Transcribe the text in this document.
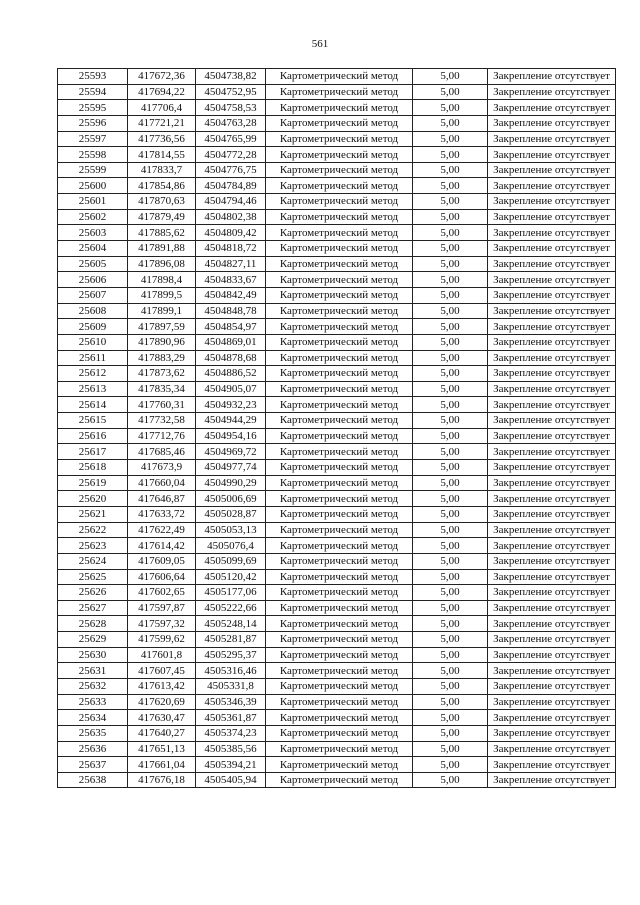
561
25593	417672,36	4504738,82	Картометрический метод	5,00	Закрепление отсутствует
25594	417694,22	4504752,95	Картометрический метод	5,00	Закрепление отсутствует
25595	417706,4	4504758,53	Картометрический метод	5,00	Закрепление отсутствует
25596	417721,21	4504763,28	Картометрический метод	5,00	Закрепление отсутствует
25597	417736,56	4504765,99	Картометрический метод	5,00	Закрепление отсутствует
25598	417814,55	4504772,28	Картометрический метод	5,00	Закрепление отсутствует
25599	417833,7	4504776,75	Картометрический метод	5,00	Закрепление отсутствует
25600	417854,86	4504784,89	Картометрический метод	5,00	Закрепление отсутствует
25601	417870,63	4504794,46	Картометрический метод	5,00	Закрепление отсутствует
25602	417879,49	4504802,38	Картометрический метод	5,00	Закрепление отсутствует
25603	417885,62	4504809,42	Картометрический метод	5,00	Закрепление отсутствует
25604	417891,88	4504818,72	Картометрический метод	5,00	Закрепление отсутствует
25605	417896,08	4504827,11	Картометрический метод	5,00	Закрепление отсутствует
25606	417898,4	4504833,67	Картометрический метод	5,00	Закрепление отсутствует
25607	417899,5	4504842,49	Картометрический метод	5,00	Закрепление отсутствует
25608	417899,1	4504848,78	Картометрический метод	5,00	Закрепление отсутствует
25609	417897,59	4504854,97	Картометрический метод	5,00	Закрепление отсутствует
25610	417890,96	4504869,01	Картометрический метод	5,00	Закрепление отсутствует
25611	417883,29	4504878,68	Картометрический метод	5,00	Закрепление отсутствует
25612	417873,62	4504886,52	Картометрический метод	5,00	Закрепление отсутствует
25613	417835,34	4504905,07	Картометрический метод	5,00	Закрепление отсутствует
25614	417760,31	4504932,23	Картометрический метод	5,00	Закрепление отсутствует
25615	417732,58	4504944,29	Картометрический метод	5,00	Закрепление отсутствует
25616	417712,76	4504954,16	Картометрический метод	5,00	Закрепление отсутствует
25617	417685,46	4504969,72	Картометрический метод	5,00	Закрепление отсутствует
25618	417673,9	4504977,74	Картометрический метод	5,00	Закрепление отсутствует
25619	417660,04	4504990,29	Картометрический метод	5,00	Закрепление отсутствует
25620	417646,87	4505006,69	Картометрический метод	5,00	Закрепление отсутствует
25621	417633,72	4505028,87	Картометрический метод	5,00	Закрепление отсутствует
25622	417622,49	4505053,13	Картометрический метод	5,00	Закрепление отсутствует
25623	417614,42	4505076,4	Картометрический метод	5,00	Закрепление отсутствует
25624	417609,05	4505099,69	Картометрический метод	5,00	Закрепление отсутствует
25625	417606,64	4505120,42	Картометрический метод	5,00	Закрепление отсутствует
25626	417602,65	4505177,06	Картометрический метод	5,00	Закрепление отсутствует
25627	417597,87	4505222,66	Картометрический метод	5,00	Закрепление отсутствует
25628	417597,32	4505248,14	Картометрический метод	5,00	Закрепление отсутствует
25629	417599,62	4505281,87	Картометрический метод	5,00	Закрепление отсутствует
25630	417601,8	4505295,37	Картометрический метод	5,00	Закрепление отсутствует
25631	417607,45	4505316,46	Картометрический метод	5,00	Закрепление отсутствует
25632	417613,42	4505331,8	Картометрический метод	5,00	Закрепление отсутствует
25633	417620,69	4505346,39	Картометрический метод	5,00	Закрепление отсутствует
25634	417630,47	4505361,87	Картометрический метод	5,00	Закрепление отсутствует
25635	417640,27	4505374,23	Картометрический метод	5,00	Закрепление отсутствует
25636	417651,13	4505385,56	Картометрический метод	5,00	Закрепление отсутствует
25637	417661,04	4505394,21	Картометрический метод	5,00	Закрепление отсутствует
25638	417676,18	4505405,94	Картометрический метод	5,00	Закрепление отсутствует
